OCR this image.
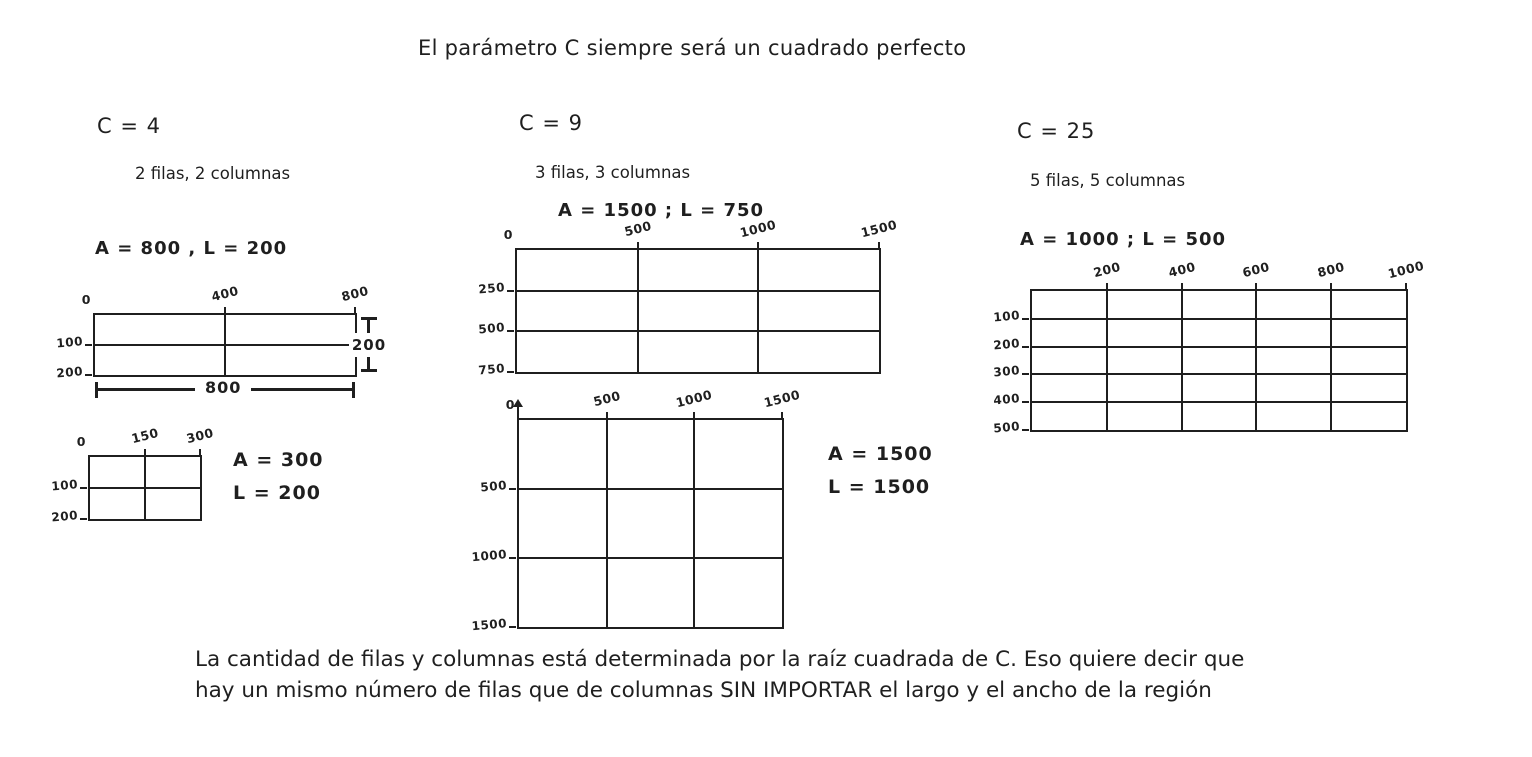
El parámetro C siempre será un cuadrado perfecto
C = 4
2 filas, 2 columnas
A = 800 , L = 200
C = 9
3 filas, 3 columnas
A = 1500 ; L = 750
C = 25
5 filas, 5 columnas
A = 1000 ; L = 500
A = 300
L = 200
A = 1500
L = 1500
La cantidad de filas y columnas está determinada por la raíz cuadrada de C. Eso quiere decir que
hay un mismo número de filas que de columnas SIN IMPORTAR el largo y el ancho de la región
0	400	800
100
200
800
200
0	150	300
100
200
0	500	1000	1500
250
500
750
0	500	1000	1500
500
1000
1500
200	400	600	800	1000
100
200
300
400
500
